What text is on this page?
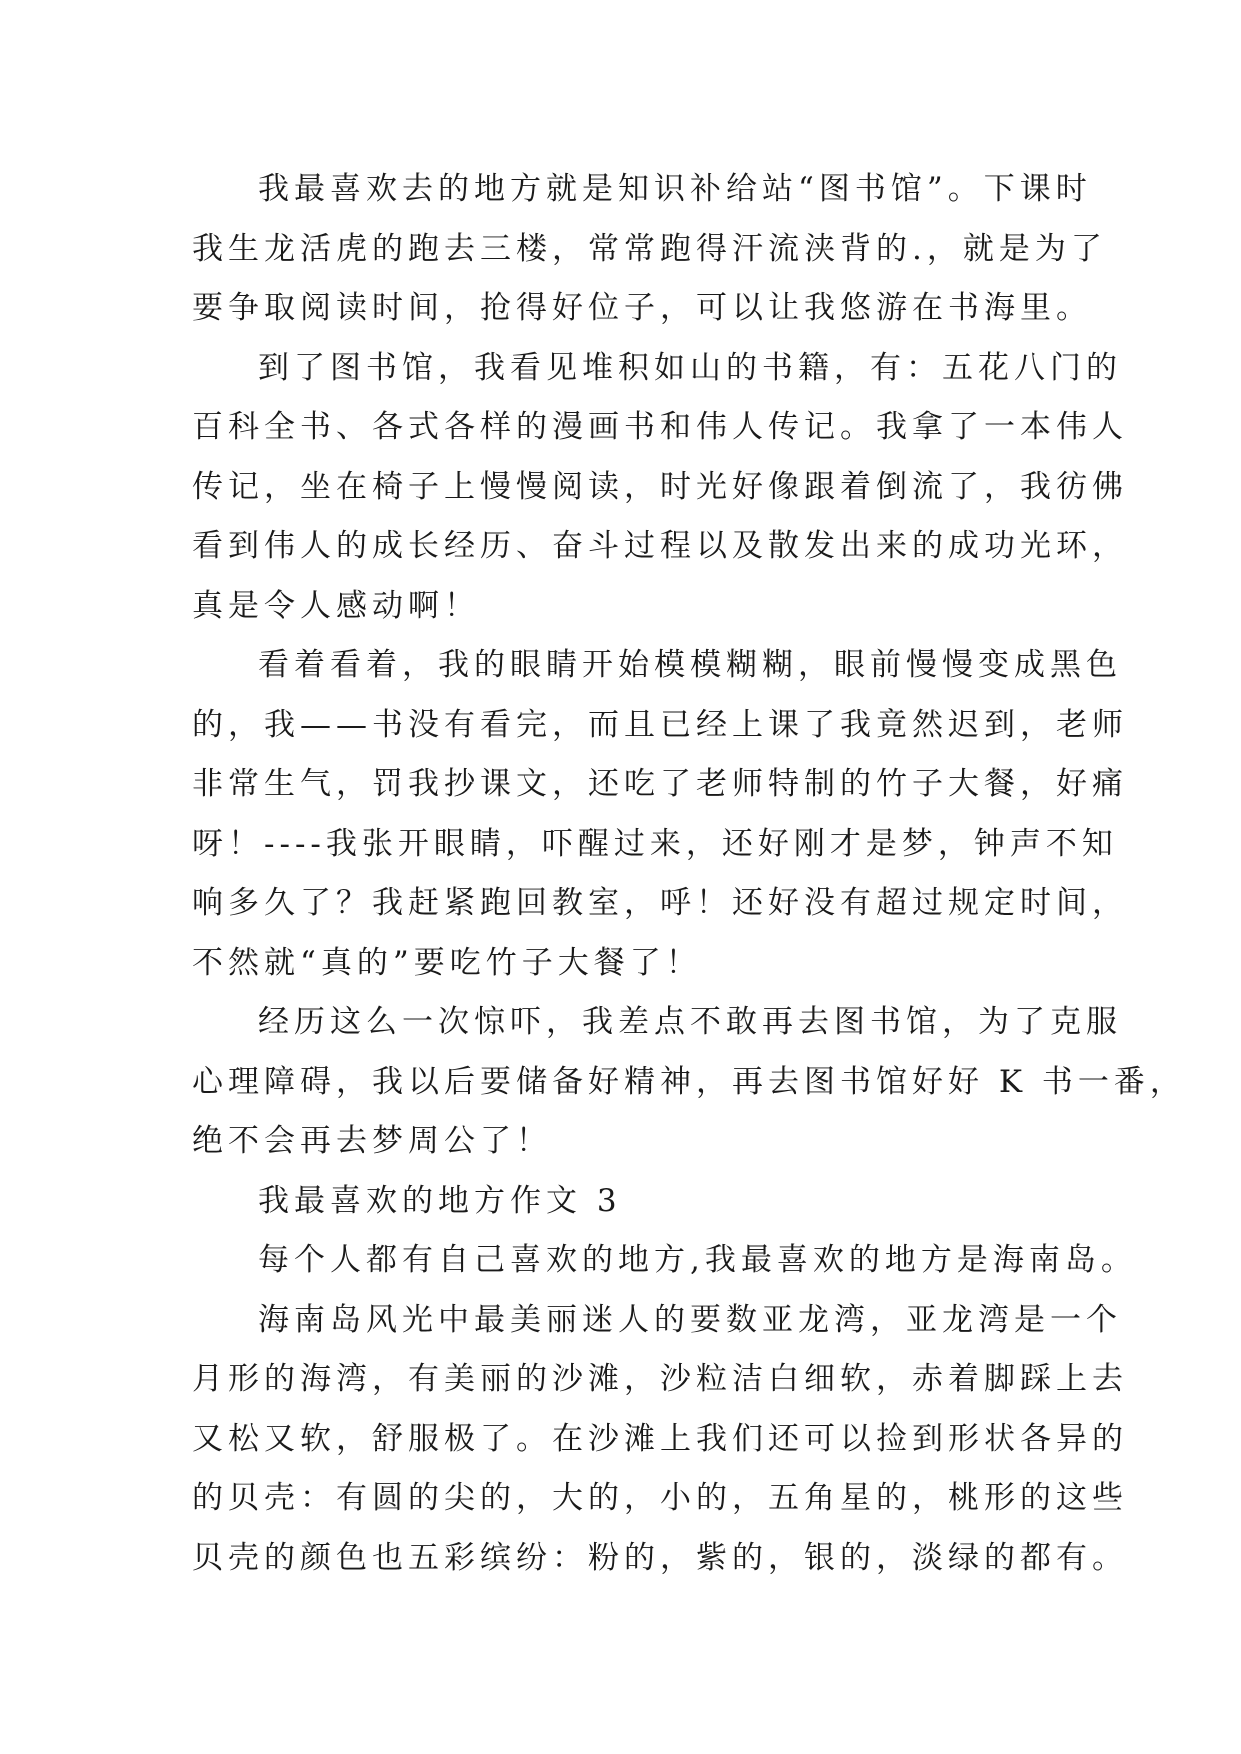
我最喜欢去的地方就是知识补给站“图书馆”。下课时
我生龙活虎的跑去三楼，常常跑得汗流浃背的.，就是为了
要争取阅读时间，抢得好位子，可以让我悠游在书海里。
到了图书馆，我看见堆积如山的书籍，有：五花八门的
百科全书、各式各样的漫画书和伟人传记。我拿了一本伟人
传记，坐在椅子上慢慢阅读，时光好像跟着倒流了，我彷佛
看到伟人的成长经历、奋斗过程以及散发出来的成功光环，
真是令人感动啊！
看着看着，我的眼睛开始模模糊糊，眼前慢慢变成黑色
的，我——书没有看完，而且已经上课了我竟然迟到，老师
非常生气，罚我抄课文，还吃了老师特制的竹子大餐，好痛
呀！----我张开眼睛，吓醒过来，还好刚才是梦，钟声不知
响多久了？我赶紧跑回教室，呼！还好没有超过规定时间，
不然就“真的”要吃竹子大餐了！
经历这么一次惊吓，我差点不敢再去图书馆，为了克服
心理障碍，我以后要储备好精神，再去图书馆好好 K 书一番，
绝不会再去梦周公了！
我最喜欢的地方作文 3
每个人都有自己喜欢的地方,我最喜欢的地方是海南岛。
海南岛风光中最美丽迷人的要数亚龙湾，亚龙湾是一个
月形的海湾，有美丽的沙滩，沙粒洁白细软，赤着脚踩上去
又松又软，舒服极了。在沙滩上我们还可以捡到形状各异的
的贝壳：有圆的尖的，大的，小的，五角星的，桃形的这些
贝壳的颜色也五彩缤纷：粉的，紫的，银的，淡绿的都有。
